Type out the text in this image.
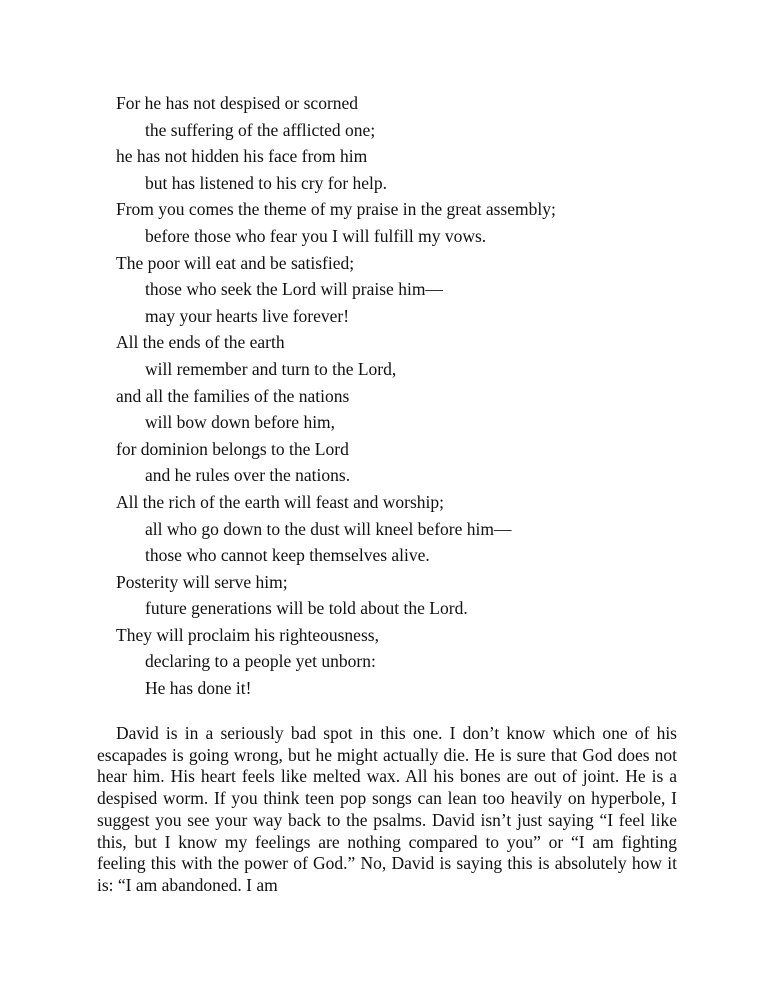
For he has not despised or scorned
the suffering of the afflicted one;
he has not hidden his face from him
but has listened to his cry for help.
From you comes the theme of my praise in the great assembly;
before those who fear you I will fulfill my vows.
The poor will eat and be satisfied;
those who seek the Lord will praise him—
may your hearts live forever!
All the ends of the earth
will remember and turn to the Lord,
and all the families of the nations
will bow down before him,
for dominion belongs to the Lord
and he rules over the nations.
All the rich of the earth will feast and worship;
all who go down to the dust will kneel before him—
those who cannot keep themselves alive.
Posterity will serve him;
future generations will be told about the Lord.
They will proclaim his righteousness,
declaring to a people yet unborn:
He has done it!

David is in a seriously bad spot in this one. I don’t know which one of his escapades is going wrong, but he might actually die. He is sure that God does not hear him. His heart feels like melted wax. All his bones are out of joint. He is a despised worm. If you think teen pop songs can lean too heavily on hyperbole, I suggest you see your way back to the psalms. David isn’t just saying “I feel like this, but I know my feelings are nothing compared to you” or “I am fighting feeling this with the power of God.” No, David is saying this is absolutely how it is: “I am abandoned. I am
